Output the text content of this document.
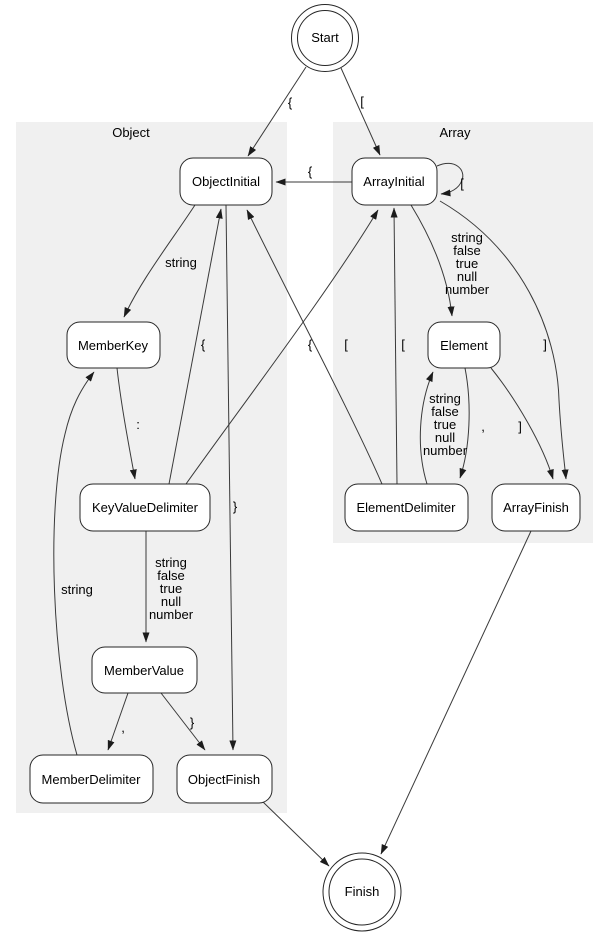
Object	Array
{	[
{
[
string
:
{	[
string
false
true
null
number
,	}
string
}
{	[
string
false
true
null
number
,
string
false
true
null
number
]
]
Start
ObjectInitial	ArrayInitial
MemberKey	Element
KeyValueDelimiter	ElementDelimiter	ArrayFinish
MemberValue
MemberDelimiter	ObjectFinish
Finish
